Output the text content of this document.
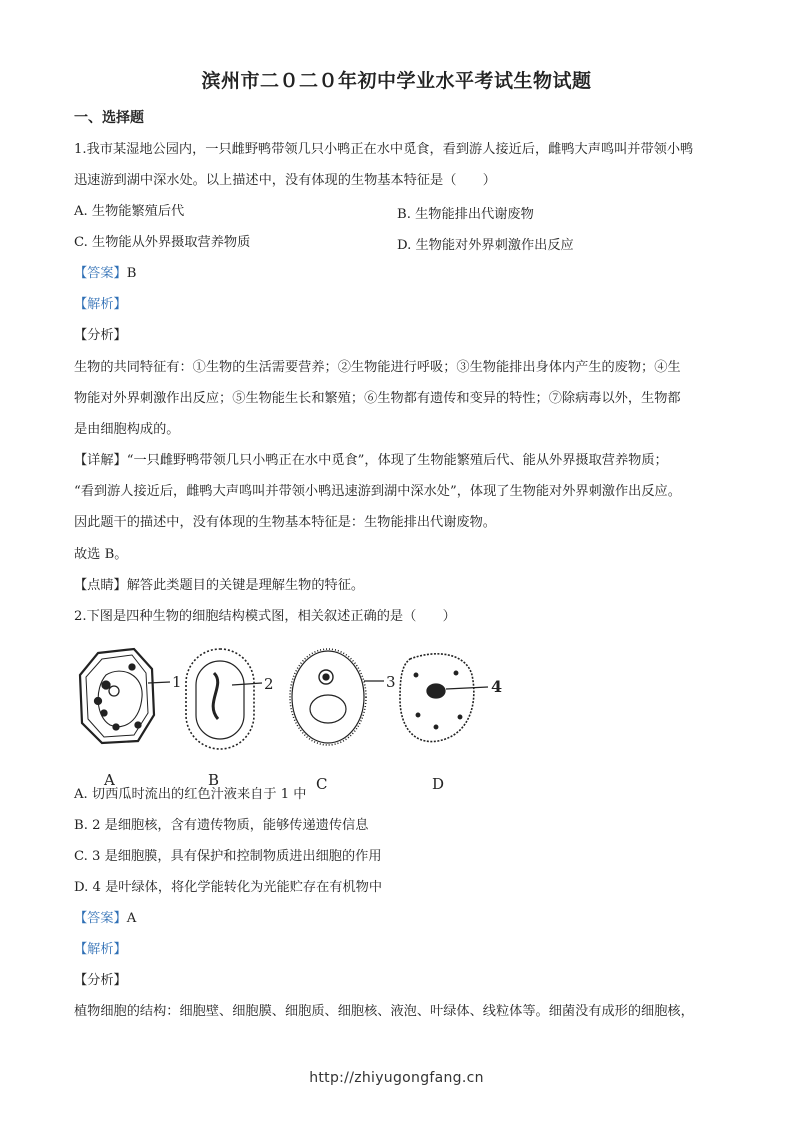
滨州市二０二０年初中学业水平考试生物试题
一、选择题
1.我市某湿地公园内，一只雌野鸭带领几只小鸭正在水中觅食，看到游人接近后，雌鸭大声鸣叫并带领小鸭
迅速游到湖中深水处。以上描述中，没有体现的生物基本特征是（　　）
A. 生物能繁殖后代	B. 生物能排出代谢废物
C. 生物能从外界摄取营养物质	D. 生物能对外界刺激作出反应
【答案】B
【解析】
【分析】
生物的共同特征有：①生物的生活需要营养；②生物能进行呼吸；③生物能排出身体内产生的废物；④生
物能对外界刺激作出反应；⑤生物能生长和繁殖；⑥生物都有遗传和变异的特性；⑦除病毒以外，生物都
是由细胞构成的。
【详解】“一只雌野鸭带领几只小鸭正在水中觅食”，体现了生物能繁殖后代、能从外界摄取营养物质；
“看到游人接近后，雌鸭大声鸣叫并带领小鸭迅速游到湖中深水处”，体现了生物能对外界刺激作出反应。
因此题干的描述中，没有体现的生物基本特征是：生物能排出代谢废物。
故选 B。
【点睛】解答此类题目的关键是理解生物的特征。
2.下图是四种生物的细胞结构模式图，相关叙述正确的是（　　）
1	2	3	4
A	B	C	D
A. 切西瓜时流出的红色汁液来自于 1 中
B. 2 是细胞核，含有遗传物质，能够传递遗传信息
C. 3 是细胞膜，具有保护和控制物质进出细胞的作用
D. 4 是叶绿体，将化学能转化为光能贮存在有机物中
【答案】A
【解析】
【分析】
植物细胞的结构：细胞壁、细胞膜、细胞质、细胞核、液泡、叶绿体、线粒体等。细菌没有成形的细胞核，
http://zhiyugongfang.cn
